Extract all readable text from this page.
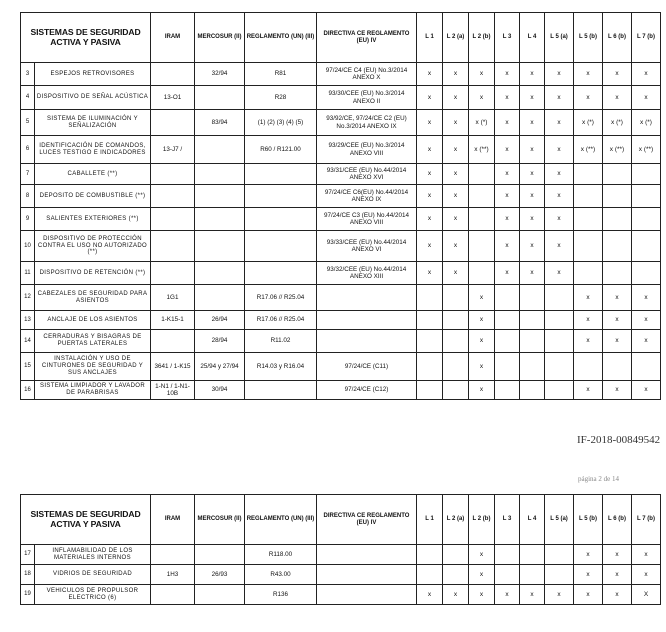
SISTEMAS DE SEGURIDAD ACTIVA Y PASIVA		IRAM	MERCOSUR (II)	REGLAMENTO (UN) (III)	DIRECTIVA CE REGLAMENTO (EU) IV	L 1	L 2 (a)	L 2 (b)	L 3	L 4	L 5 (a)	L 5 (b)	L 6 (b)	L 7 (b)
3	ESPEJOS RETROVISORES		32/94	R81	97/24/CE C4 (EU) No.3/2014 ANEXO X	x	x	x	x	x	x	x	x	x
4	DISPOSITIVO DE SEÑAL ACÚSTICA	13-O1		R28	93/30/CEE (EU) No.3/2014 ANEXO II	x	x	x	x	x	x	x	x	x
5	SISTEMA DE ILUMINACIÓN Y SEÑALIZACIÓN		83/94	(1) (2) (3) (4) (5)	93/92/CE, 97/24/CE C2 (EU) No.3/2014 ANEXO IX	x	x	x (*)	x	x	x	x (*)	x (*)	x (*)
6	IDENTIFICACIÓN DE COMANDOS, LUCES TESTIGO E INDICADORES	13-J7 /		R60 / R121.00	93/29/CEE (EU) No.3/2014 ANEXO VIII	x	x	x (**)	x	x	x	x (**)	x (**)	x (**)
7	CABALLETE (**)				93/31/CEE (EU) No.44/2014 ANEXO XVI	x	x		x	x	x			
8	DEPOSITO DE COMBUSTIBLE (**)				97/24/CE C6(EU) No.44/2014 ANEXO IX	x	x		x	x	x			
9	SALIENTES EXTERIORES (**)				97/24/CE C3 (EU) No.44/2014 ANEXO VIII	x	x		x	x	x			
10	DISPOSITIVO DE PROTECCIÓN CONTRA EL USO NO AUTORIZADO (**)				93/33/CEE (EU) No.44/2014 ANEXO VI	x	x		x	x	x			
11	DISPOSITIVO DE RETENCIÓN (**)				93/32/CEE (EU) No.44/2014 ANEXO XIII	x	x		x	x	x			
12	CABEZALES DE SEGURIDAD PARA ASIENTOS	1G1		R17.06 // R25.04				x				x	x	x
13	ANCLAJE DE LOS ASIENTOS	1-K15-1	26/94	R17.06 // R25.04				x				x	x	x
14	CERRADURAS Y BISAGRAS DE PUERTAS LATERALES		28/94	R11.02				x				x	x	x
15	INSTALACIÓN Y USO DE CINTURONES DE SEGURIDAD Y SUS ANCLAJES	3641 / 1-K15	25/94 y 27/94	R14.03 y R16.04	97/24/CE (C11)			x						
16	SISTEMA LIMPIADOR Y LAVADOR DE PARABRISAS	1-N1 / 1-N1-10B	30/94		97/24/CE (C12)			x				x	x	x
SISTEMAS DE SEGURIDAD ACTIVA Y PASIVA		IRAM	MERCOSUR (II)	REGLAMENTO (UN) (III)	DIRECTIVA CE REGLAMENTO (EU) IV	L 1	L 2 (a)	L 2 (b)	L 3	L 4	L 5 (a)	L 5 (b)	L 6 (b)	L 7 (b)
17	INFLAMABILIDAD DE LOS MATERIALES INTERNOS			R118.00				x				x	x	x
18	VIDRIOS DE SEGURIDAD	1H3	26/93	R43.00				x				x	x	x
19	VEHICULOS DE PROPULSOR ELECTRICO (6)			R136		x	x	x	x	x	x	x	x	X
IF-2018-00849542
página 2 de 14
